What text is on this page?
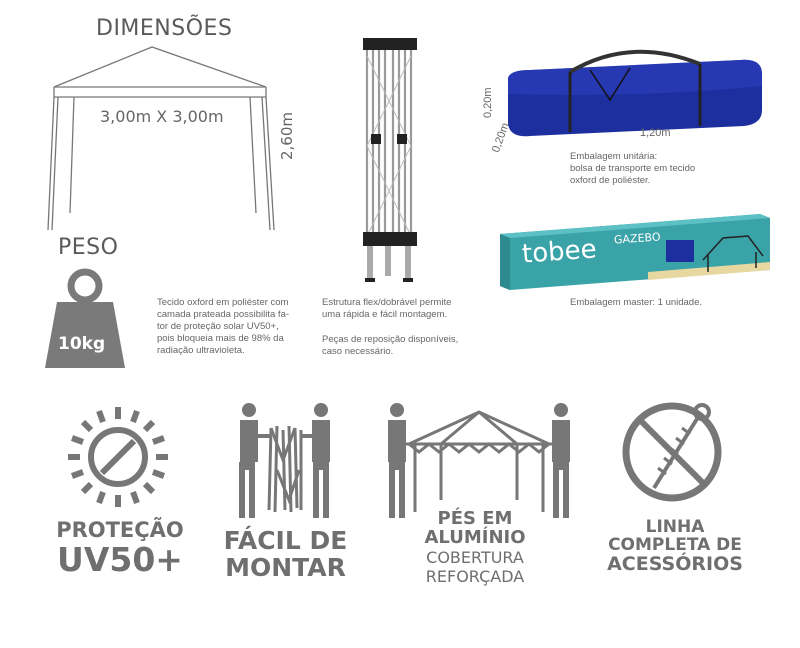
DIMENSÕES
3,00m X 3,00m	2,60m
PESO
10kg
Tecido oxford em poliéster com
camada prateada possibilita fa-
tor de proteção solar UV50+,
pois bloqueia mais de 98% da
radiação ultravioleta.
Estrutura flex/dobrável permite
uma rápida e fácil montagem.
Peças de reposição disponíveis,
caso necessário.
0,20m
0,20m	1,20m
Embalagem unitária:
bolsa de transporte em tecido
oxford de poliéster.
tobee GAZEBO
Embalagem master: 1 unidade.
PROTEÇÃO
UV50+ FÁCIL DE
MONTAR
PÉS EM
ALUMÍNIO
COBERTURA
REFORÇADA
LINHA
COMPLETA DE
ACESSÓRIOS
